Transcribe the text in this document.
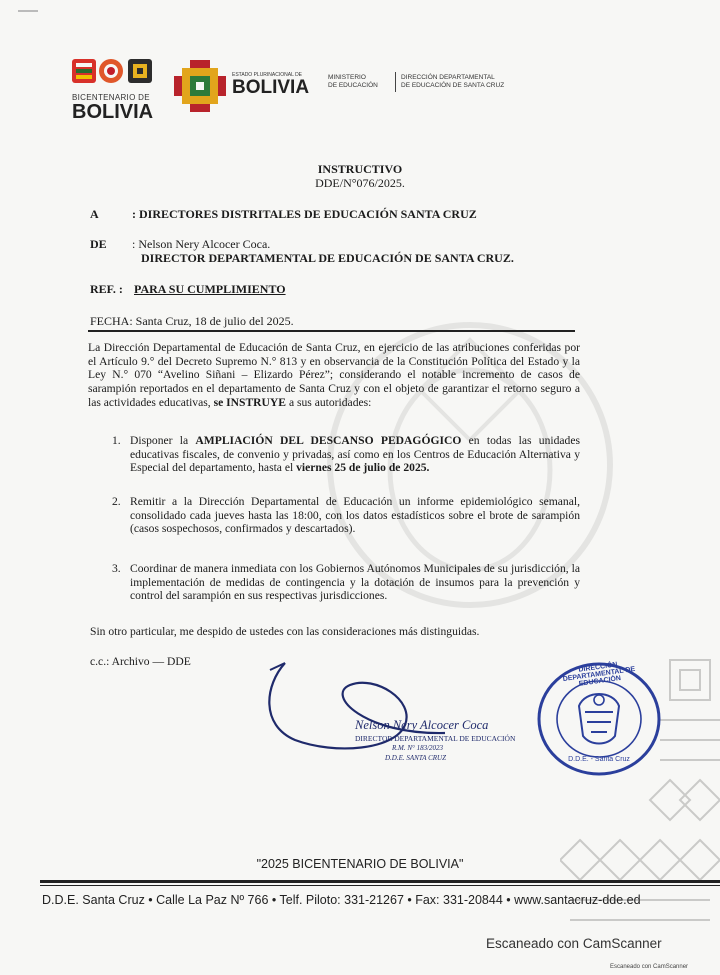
BICENTENARIO DE
BOLIVIA
ESTADO PLURINACIONAL DE
BOLIVIA	MINISTERIO
DE EDUCACIÓN
DIRECCIÓN DEPARTAMENTAL
DE EDUCACIÓN DE SANTA CRUZ
INSTRUCTIVO
DDE/N°076/2025.
A	: DIRECTORES DISTRITALES DE EDUCACIÓN SANTA CRUZ
DE : Nelson Nery Alcocer Coca.
DIRECTOR DEPARTAMENTAL DE EDUCACIÓN DE SANTA CRUZ.
REF. : PARA SU CUMPLIMIENTO
FECHA: Santa Cruz, 18 de julio del 2025.
La Dirección Departamental de Educación de Santa Cruz, en ejercicio de las atribuciones conferidas por el Artículo 9.° del Decreto Supremo N.° 813 y en observancia de la Constitución Política del Estado y la Ley N.° 070 “Avelino Siñani – Elizardo Pérez”; considerando el notable incremento de casos de sarampión reportados en el departamento de Santa Cruz y con el objeto de garantizar el retorno seguro a las actividades educativas, se INSTRUYE a sus autoridades:
1. Disponer la AMPLIACIÓN DEL DESCANSO PEDAGÓGICO en todas las unidades educativas fiscales, de convenio y privadas, así como en los Centros de Educación Alternativa y Especial del departamento, hasta el viernes 25 de julio de 2025.
2. Remitir a la Dirección Departamental de Educación un informe epidemiológico semanal, consolidado cada jueves hasta las 18:00, con los datos estadísticos sobre el brote de sarampión (casos sospechosos, confirmados y descartados).
3. Coordinar de manera inmediata con los Gobiernos Autónomos Municipales de su jurisdicción, la implementación de medidas de contingencia y la dotación de insumos para la prevención y control del sarampión en sus respectivas jurisdicciones.
Sin otro particular, me despido de ustedes con las consideraciones más distinguidas.
c.c.: Archivo — DDE
Nelson Nery Alcocer Coca
DIRECTOR DEPARTAMENTAL DE EDUCACIÓN
R.M. N° 183/2023
D.D.E. SANTA CRUZ
DIRECCIÓN DEPARTAMENTAL DE EDUCACIÓN
D.D.E. - Santa Cruz
"2025 BICENTENARIO DE BOLIVIA"
D.D.E. Santa Cruz • Calle La Paz Nº 766 • Telf. Piloto: 331-21267 • Fax: 331-20844 • www.santacruz-dde.ed
Escaneado con CamScanner
Escaneado con CamScanner
